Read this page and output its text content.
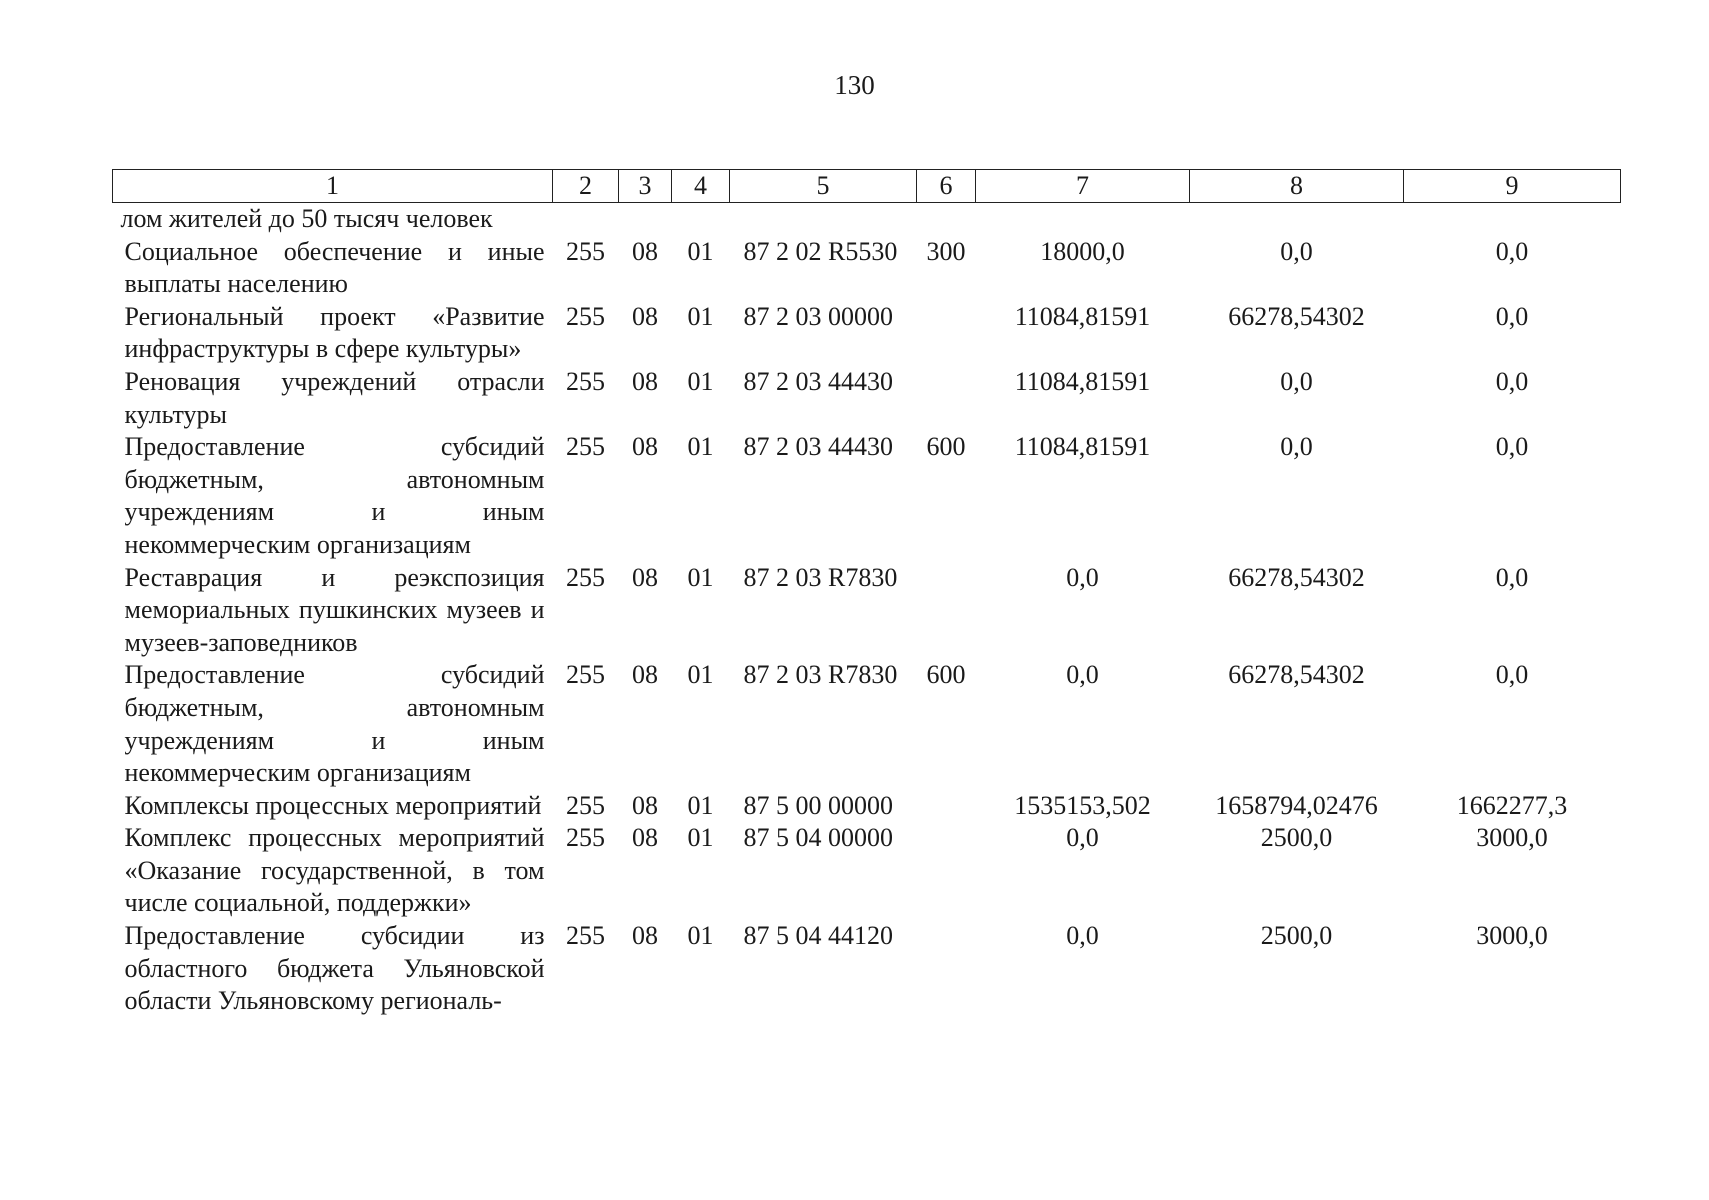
130
1	2	3	4	5	6	7	8	9
лом жителей до 50 тысяч человек								
Социальное обеспечение и иные выплаты населению	255	08	01	87 2 02 R5530	300	18000,0	0,0	0,0
Региональный проект «Развитие инфраструктуры в сфере культуры»	255	08	01	87 2 03 00000		11084,81591	66278,54302	0,0
Реновация учреждений отрасли культуры	255	08	01	87 2 03 44430		11084,81591	0,0	0,0
Предоставление субсидий бюджетным, автономным учреждениям и иным некоммерческим организациям	255	08	01	87 2 03 44430	600	11084,81591	0,0	0,0
Реставрация и реэкспозиция мемориальных пушкинских музеев и музеев-заповедников	255	08	01	87 2 03 R7830		0,0	66278,54302	0,0
Предоставление субсидий бюджетным, автономным учреждениям и иным некоммерческим организациям	255	08	01	87 2 03 R7830	600	0,0	66278,54302	0,0
Комплексы процессных мероприятий	255	08	01	87 5 00 00000		1535153,502	1658794,02476	1662277,3
Комплекс процессных мероприятий «Оказание государственной, в том числе социальной, поддержки»	255	08	01	87 5 04 00000		0,0	2500,0	3000,0
Предоставление субсидии из областного бюджета Ульяновской области Ульяновскому региональ-	255	08	01	87 5 04 44120		0,0	2500,0	3000,0
